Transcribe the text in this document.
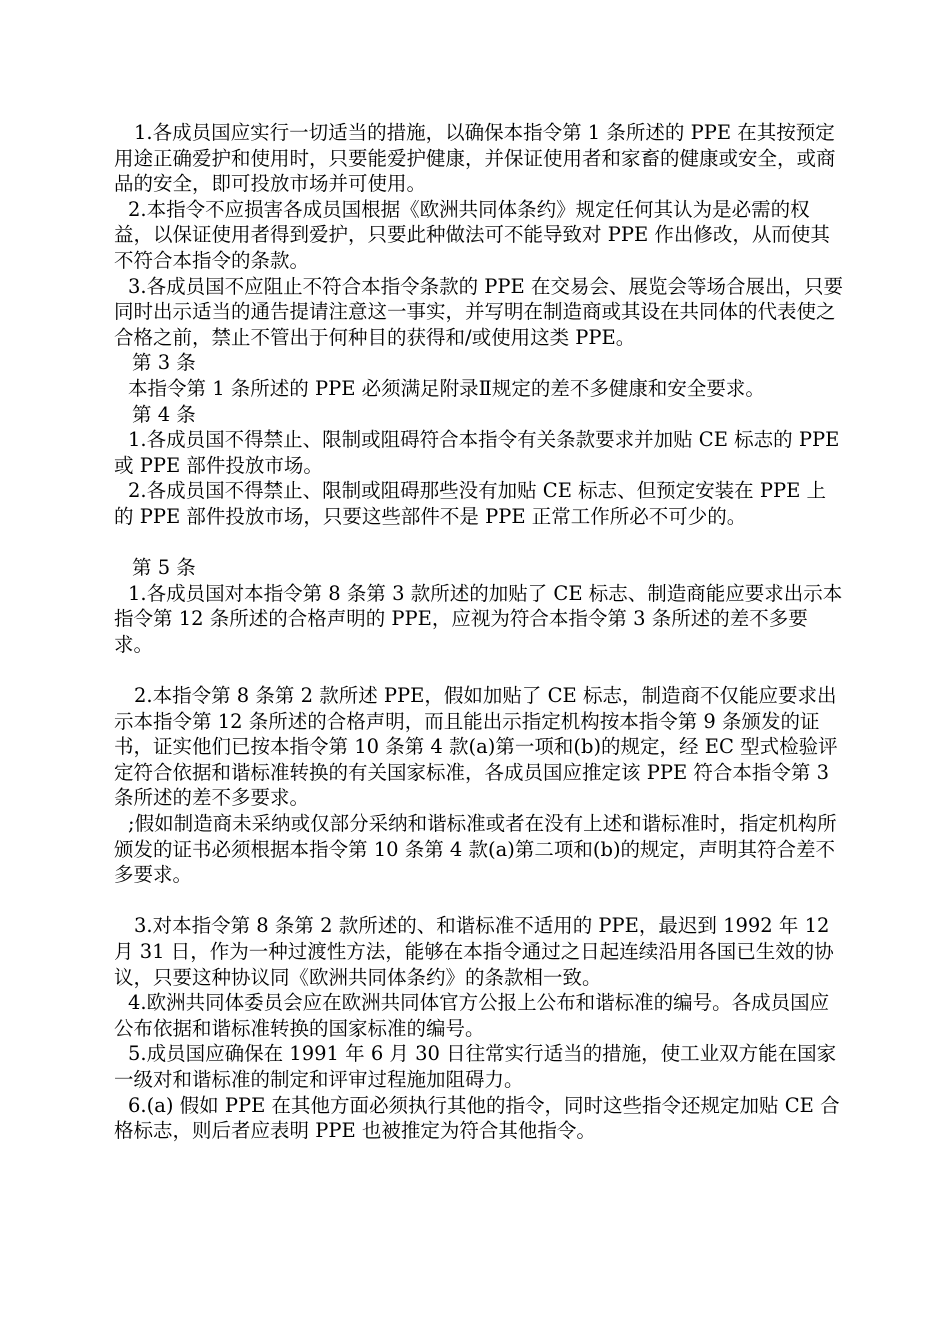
1.各成员国应实行一切适当的措施，以确保本指令第 1 条所述的 PPE 在其按预定用途正确爱护和使用时，只要能爱护健康，并保证使用者和家畜的健康或安全，或商品的安全，即可投放市场并可使用。

2.本指令不应损害各成员国根据《欧洲共同体条约》规定任何其认为是必需的权益，以保证使用者得到爱护，只要此种做法可不能导致对 PPE 作出修改，从而使其不符合本指令的条款。

3.各成员国不应阻止不符合本指令条款的 PPE 在交易会、展览会等场合展出，只要同时出示适当的通告提请注意这一事实，并写明在制造商或其设在共同体的代表使之合格之前，禁止不管出于何种目的获得和/或使用这类 PPE。

第 3 条

本指令第 1 条所述的 PPE 必须满足附录Ⅱ规定的差不多健康和安全要求。

第 4 条

1.各成员国不得禁止、限制或阻碍符合本指令有关条款要求并加贴 CE 标志的 PPE 或 PPE 部件投放市场。

2.各成员国不得禁止、限制或阻碍那些没有加贴 CE 标志、但预定安装在 PPE 上的 PPE 部件投放市场，只要这些部件不是 PPE 正常工作所必不可少的。

第 5 条

1.各成员国对本指令第 8 条第 3 款所述的加贴了 CE 标志、制造商能应要求出示本指令第 12 条所述的合格声明的 PPE，应视为符合本指令第 3 条所述的差不多要求。

2.本指令第 8 条第 2 款所述 PPE，假如加贴了 CE 标志，制造商不仅能应要求出示本指令第 12 条所述的合格声明，而且能出示指定机构按本指令第 9 条颁发的证书，证实他们已按本指令第 10 条第 4 款(a)第一项和(b)的规定，经 EC 型式检验评定符合依据和谐标准转换的有关国家标准，各成员国应推定该 PPE 符合本指令第 3 条所述的差不多要求。

;假如制造商未采纳或仅部分采纳和谐标准或者在没有上述和谐标准时，指定机构所颁发的证书必须根据本指令第 10 条第 4 款(a)第二项和(b)的规定，声明其符合差不多要求。

3.对本指令第 8 条第 2 款所述的、和谐标准不适用的 PPE，最迟到 1992 年 12 月 31 日，作为一种过渡性方法，能够在本指令通过之日起连续沿用各国已生效的协议，只要这种协议同《欧洲共同体条约》的条款相一致。

4.欧洲共同体委员会应在欧洲共同体官方公报上公布和谐标准的编号。各成员国应公布依据和谐标准转换的国家标准的编号。

5.成员国应确保在 1991 年 6 月 30 日往常实行适当的措施，使工业双方能在国家一级对和谐标准的制定和评审过程施加阻碍力。

6.(a) 假如 PPE 在其他方面必须执行其他的指令，同时这些指令还规定加贴 CE 合格标志，则后者应表明 PPE 也被推定为符合其他指令。
